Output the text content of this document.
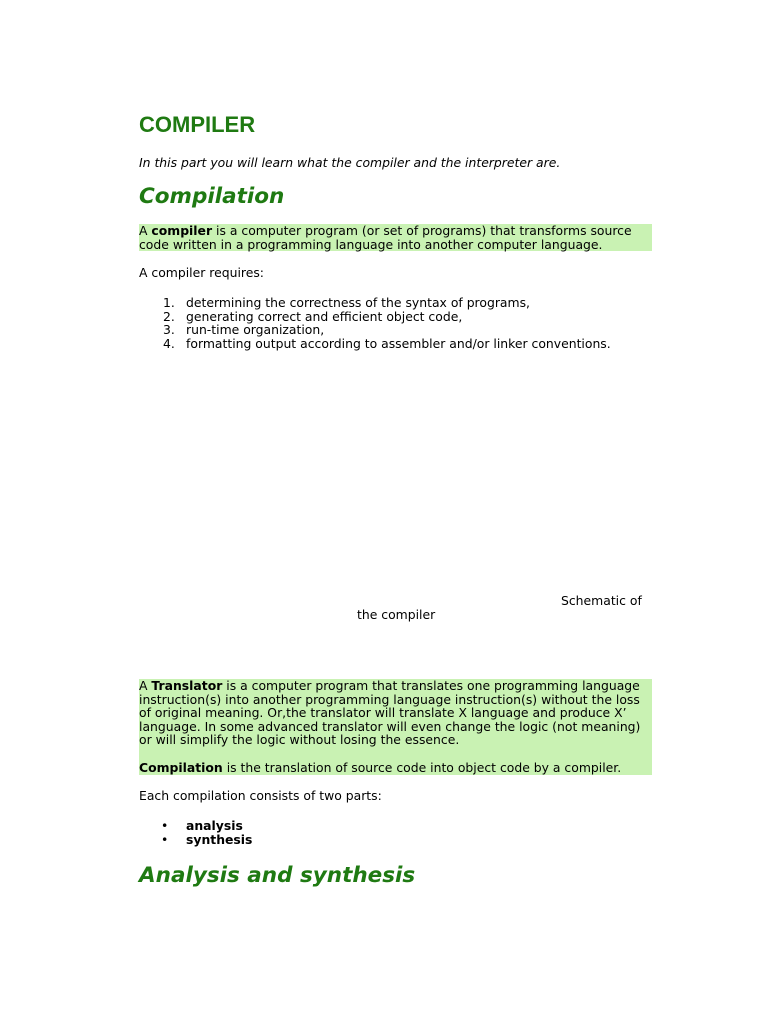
COMPILER

In this part you will learn what the compiler and the interpreter are.

Compilation

A compiler is a computer program (or set of programs) that transforms source code written in a programming language into another computer language.

A compiler requires:

1. determining the correctness of the syntax of programs,
2. generating correct and efficient object code,
3. run-time organization,
4. formatting output according to assembler and/or linker conventions.
Schematic of
the compiler

A Translator is a computer program that translates one programming language instruction(s) into another programming language instruction(s) without the loss of original meaning. Or,the translator will translate X language and produce X’ language. In some advanced translator will even change the logic (not meaning) or will simplify the logic without losing the essence.

Compilation is the translation of source code into object code by a compiler.

Each compilation consists of two parts:

• analysis
• synthesis
Analysis and synthesis
